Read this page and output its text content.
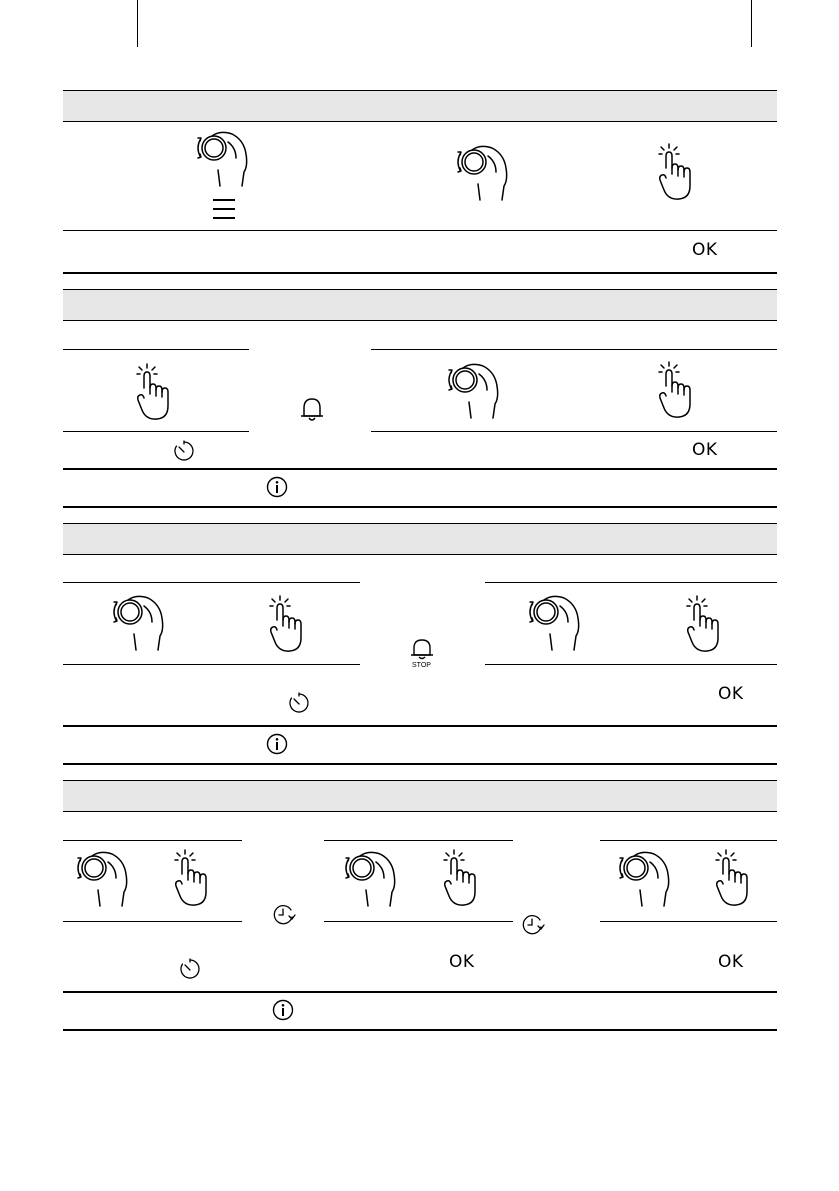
OK
OK
STOP
OK
OK	OK
